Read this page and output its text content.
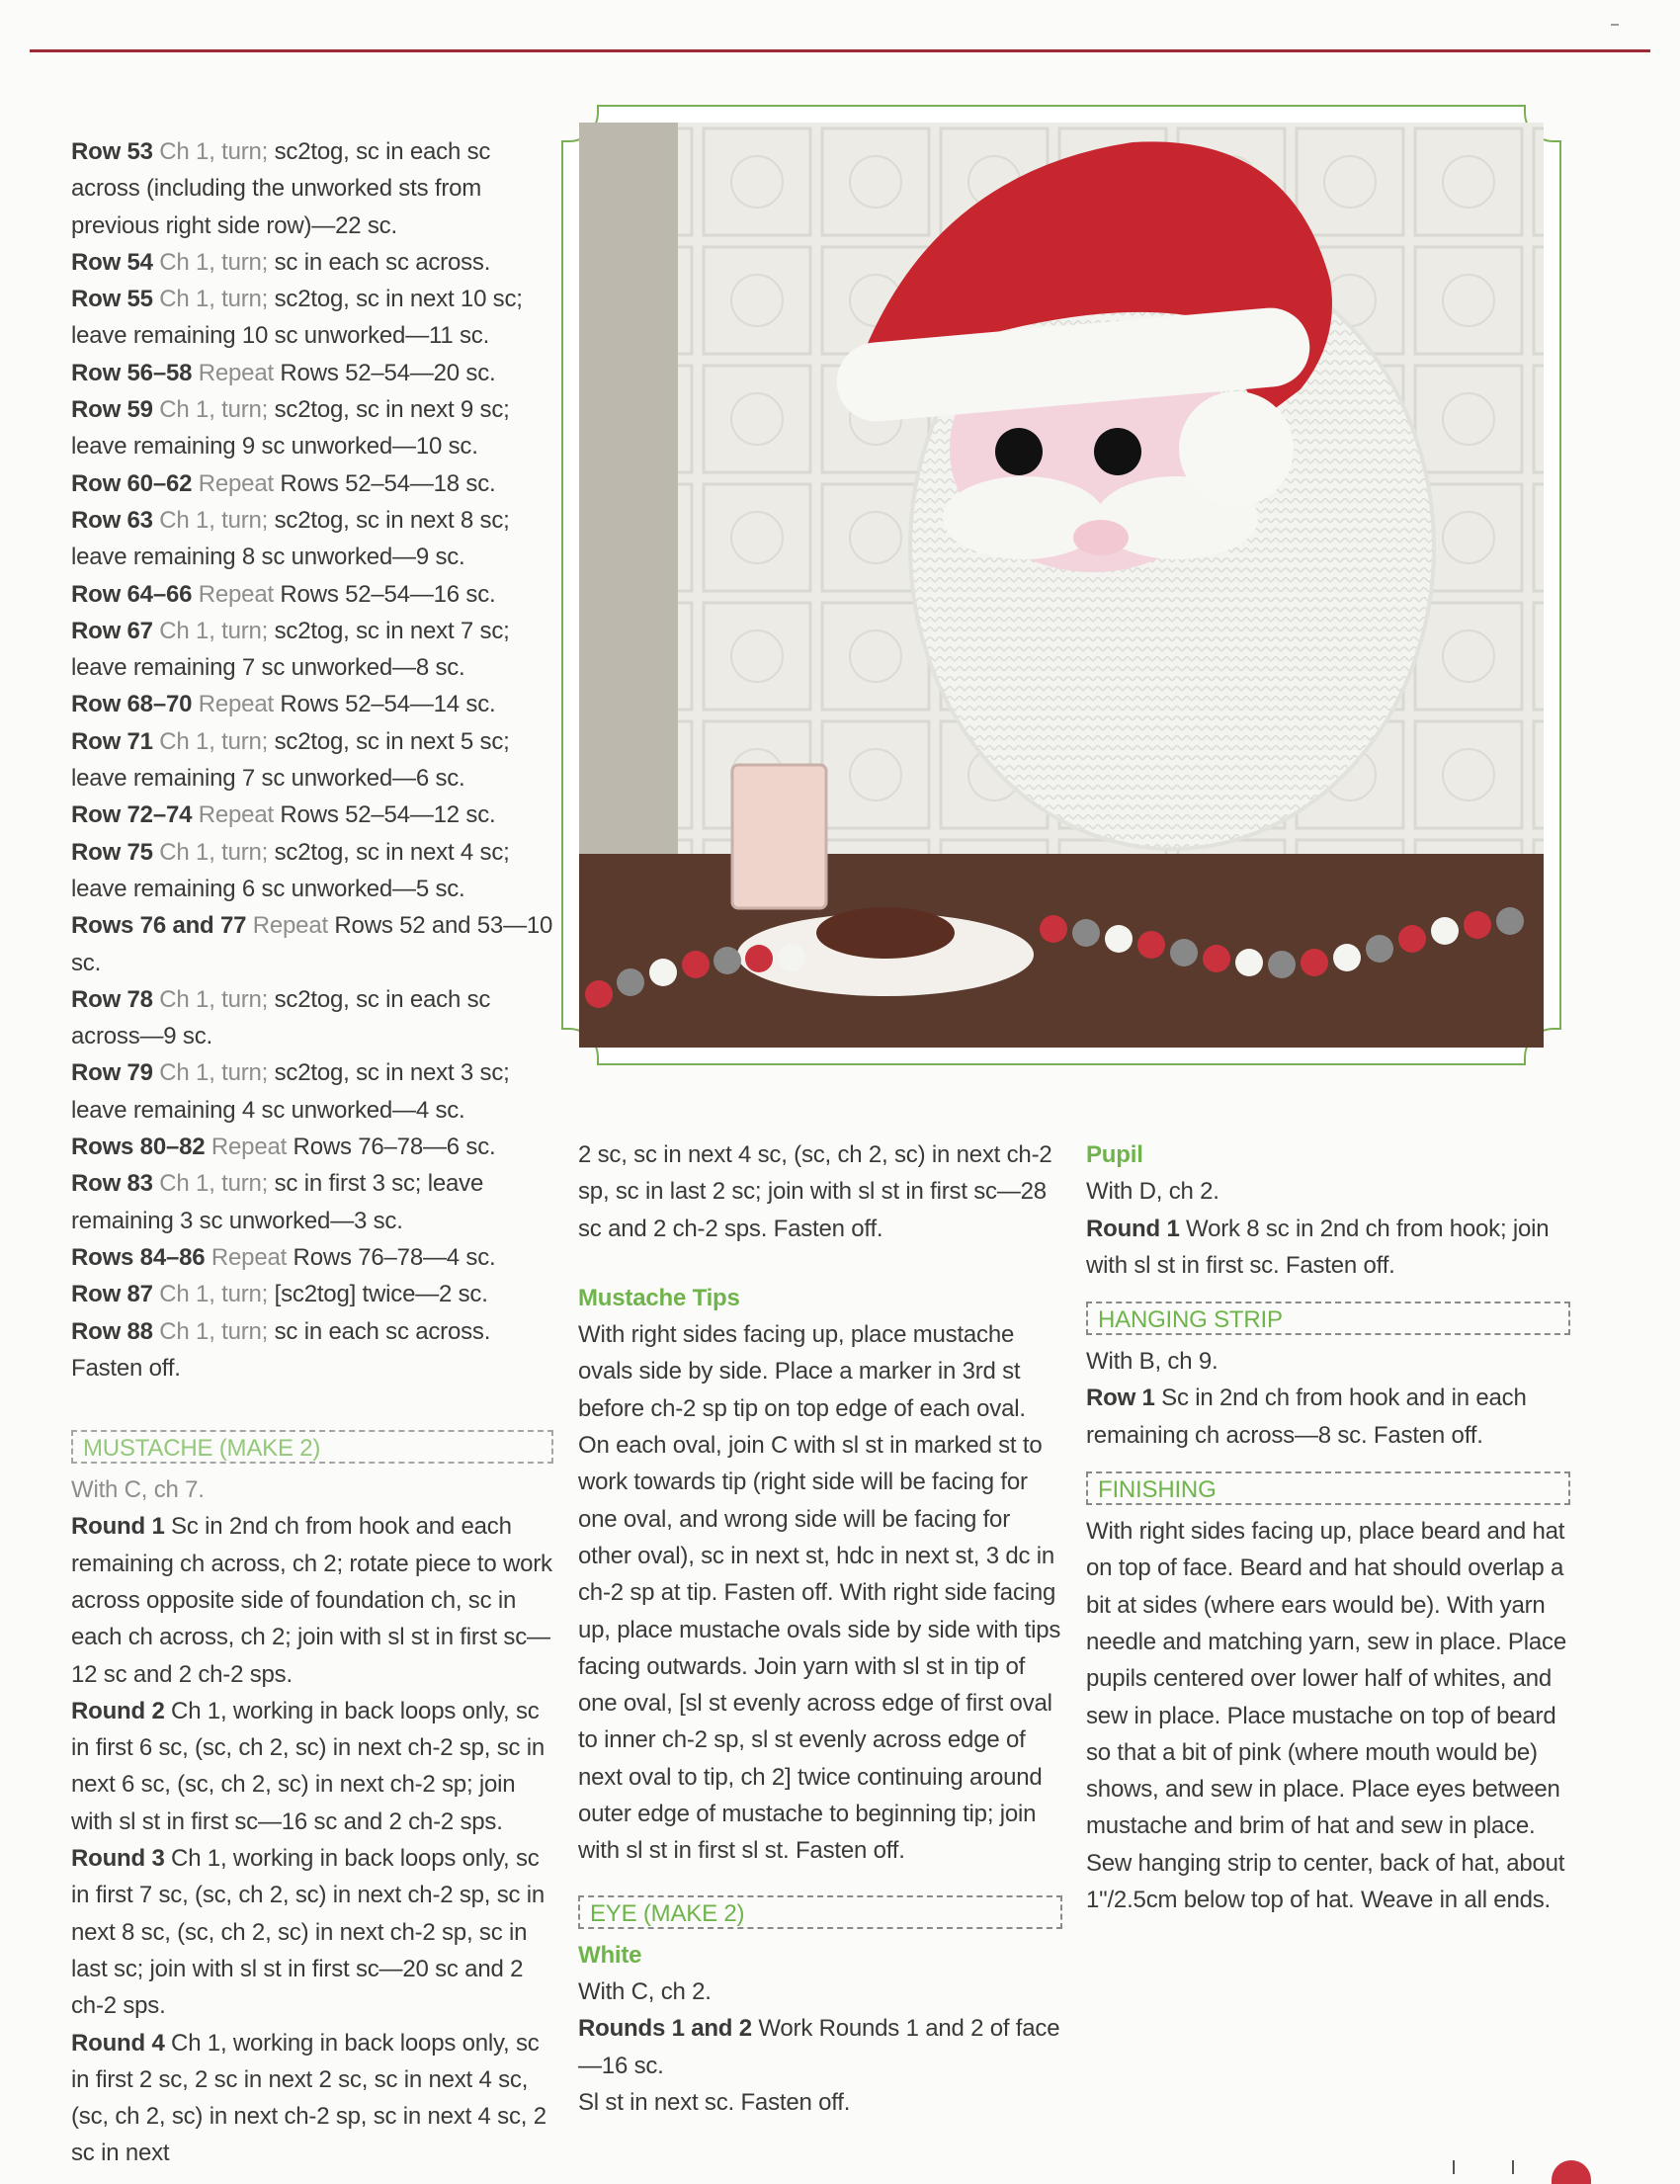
Row 53 Ch 1, turn; sc2tog, sc in each sc across (including the unworked sts from previous right side row)—22 sc.

Row 54 Ch 1, turn; sc in each sc across.

Row 55 Ch 1, turn; sc2tog, sc in next 10 sc; leave remaining 10 sc unworked—11 sc.

Row 56–58 Repeat Rows 52–54—20 sc.

Row 59 Ch 1, turn; sc2tog, sc in next 9 sc; leave remaining 9 sc unworked—10 sc.

Row 60–62 Repeat Rows 52–54—18 sc.

Row 63 Ch 1, turn; sc2tog, sc in next 8 sc; leave remaining 8 sc unworked—9 sc.

Row 64–66 Repeat Rows 52–54—16 sc.

Row 67 Ch 1, turn; sc2tog, sc in next 7 sc; leave remaining 7 sc unworked—8 sc.

Row 68–70 Repeat Rows 52–54—14 sc.

Row 71 Ch 1, turn; sc2tog, sc in next 5 sc; leave remaining 7 sc unworked—6 sc.

Row 72–74 Repeat Rows 52–54—12 sc.

Row 75 Ch 1, turn; sc2tog, sc in next 4 sc; leave remaining 6 sc unworked—5 sc.

Rows 76 and 77 Repeat Rows 52 and 53—10 sc.

Row 78 Ch 1, turn; sc2tog, sc in each sc across—9 sc.

Row 79 Ch 1, turn; sc2tog, sc in next 3 sc; leave remaining 4 sc unworked—4 sc.

Rows 80–82 Repeat Rows 76–78—6 sc.

Row 83 Ch 1, turn; sc in first 3 sc; leave remaining 3 sc unworked—3 sc.

Rows 84–86 Repeat Rows 76–78—4 sc.

Row 87 Ch 1, turn; [sc2tog] twice—2 sc.

Row 88 Ch 1, turn; sc in each sc across. Fasten off.

MUSTACHE (MAKE 2)

With C, ch 7.

Round 1 Sc in 2nd ch from hook and each remaining ch across, ch 2; rotate piece to work across opposite side of foundation ch, sc in each ch across, ch 2; join with sl st in first sc—12 sc and 2 ch-2 sps.

Round 2 Ch 1, working in back loops only, sc in first 6 sc, (sc, ch 2, sc) in next ch-2 sp, sc in next 6 sc, (sc, ch 2, sc) in next ch-2 sp; join with sl st in first sc—16 sc and 2 ch-2 sps.

Round 3 Ch 1, working in back loops only, sc in first 7 sc, (sc, ch 2, sc) in next ch-2 sp, sc in next 8 sc, (sc, ch 2, sc) in next ch-2 sp, sc in last sc; join with sl st in first sc—20 sc and 2 ch-2 sps.

Round 4 Ch 1, working in back loops only, sc in first 2 sc, 2 sc in next 2 sc, sc in next 4 sc, (sc, ch 2, sc) in next ch-2 sp, sc in next 4 sc, 2 sc in next

2 sc, sc in next 4 sc, (sc, ch 2, sc) in next ch-2 sp, sc in last 2 sc; join with sl st in first sc—28 sc and 2 ch-2 sps. Fasten off.

Mustache Tips

With right sides facing up, place mustache ovals side by side. Place a marker in 3rd st before ch-2 sp tip on top edge of each oval. On each oval, join C with sl st in marked st to work towards tip (right side will be facing for one oval, and wrong side will be facing for other oval), sc in next st, hdc in next st, 3 dc in ch-2 sp at tip. Fasten off. With right side facing up, place mustache ovals side by side with tips facing outwards. Join yarn with sl st in tip of one oval, [sl st evenly across edge of first oval to inner ch-2 sp, sl st evenly across edge of next oval to tip, ch 2] twice continuing around outer edge of mustache to beginning tip; join with sl st in first sl st. Fasten off.

EYE (MAKE 2)

White

With C, ch 2.

Rounds 1 and 2 Work Rounds 1 and 2 of face—16 sc.

Sl st in next sc. Fasten off.

Pupil

With D, ch 2.

Round 1 Work 8 sc in 2nd ch from hook; join with sl st in first sc. Fasten off.

HANGING STRIP

With B, ch 9.

Row 1 Sc in 2nd ch from hook and in each remaining ch across—8 sc. Fasten off.

FINISHING

With right sides facing up, place beard and hat on top of face. Beard and hat should overlap a bit at sides (where ears would be). With yarn needle and matching yarn, sew in place. Place pupils centered over lower half of whites, and sew in place. Place mustache on top of beard so that a bit of pink (where mouth would be) shows, and sew in place. Place eyes between mustache and brim of hat and sew in place. Sew hanging strip to center, back of hat, about 1"/2.5cm below top of hat. Weave in all ends.
